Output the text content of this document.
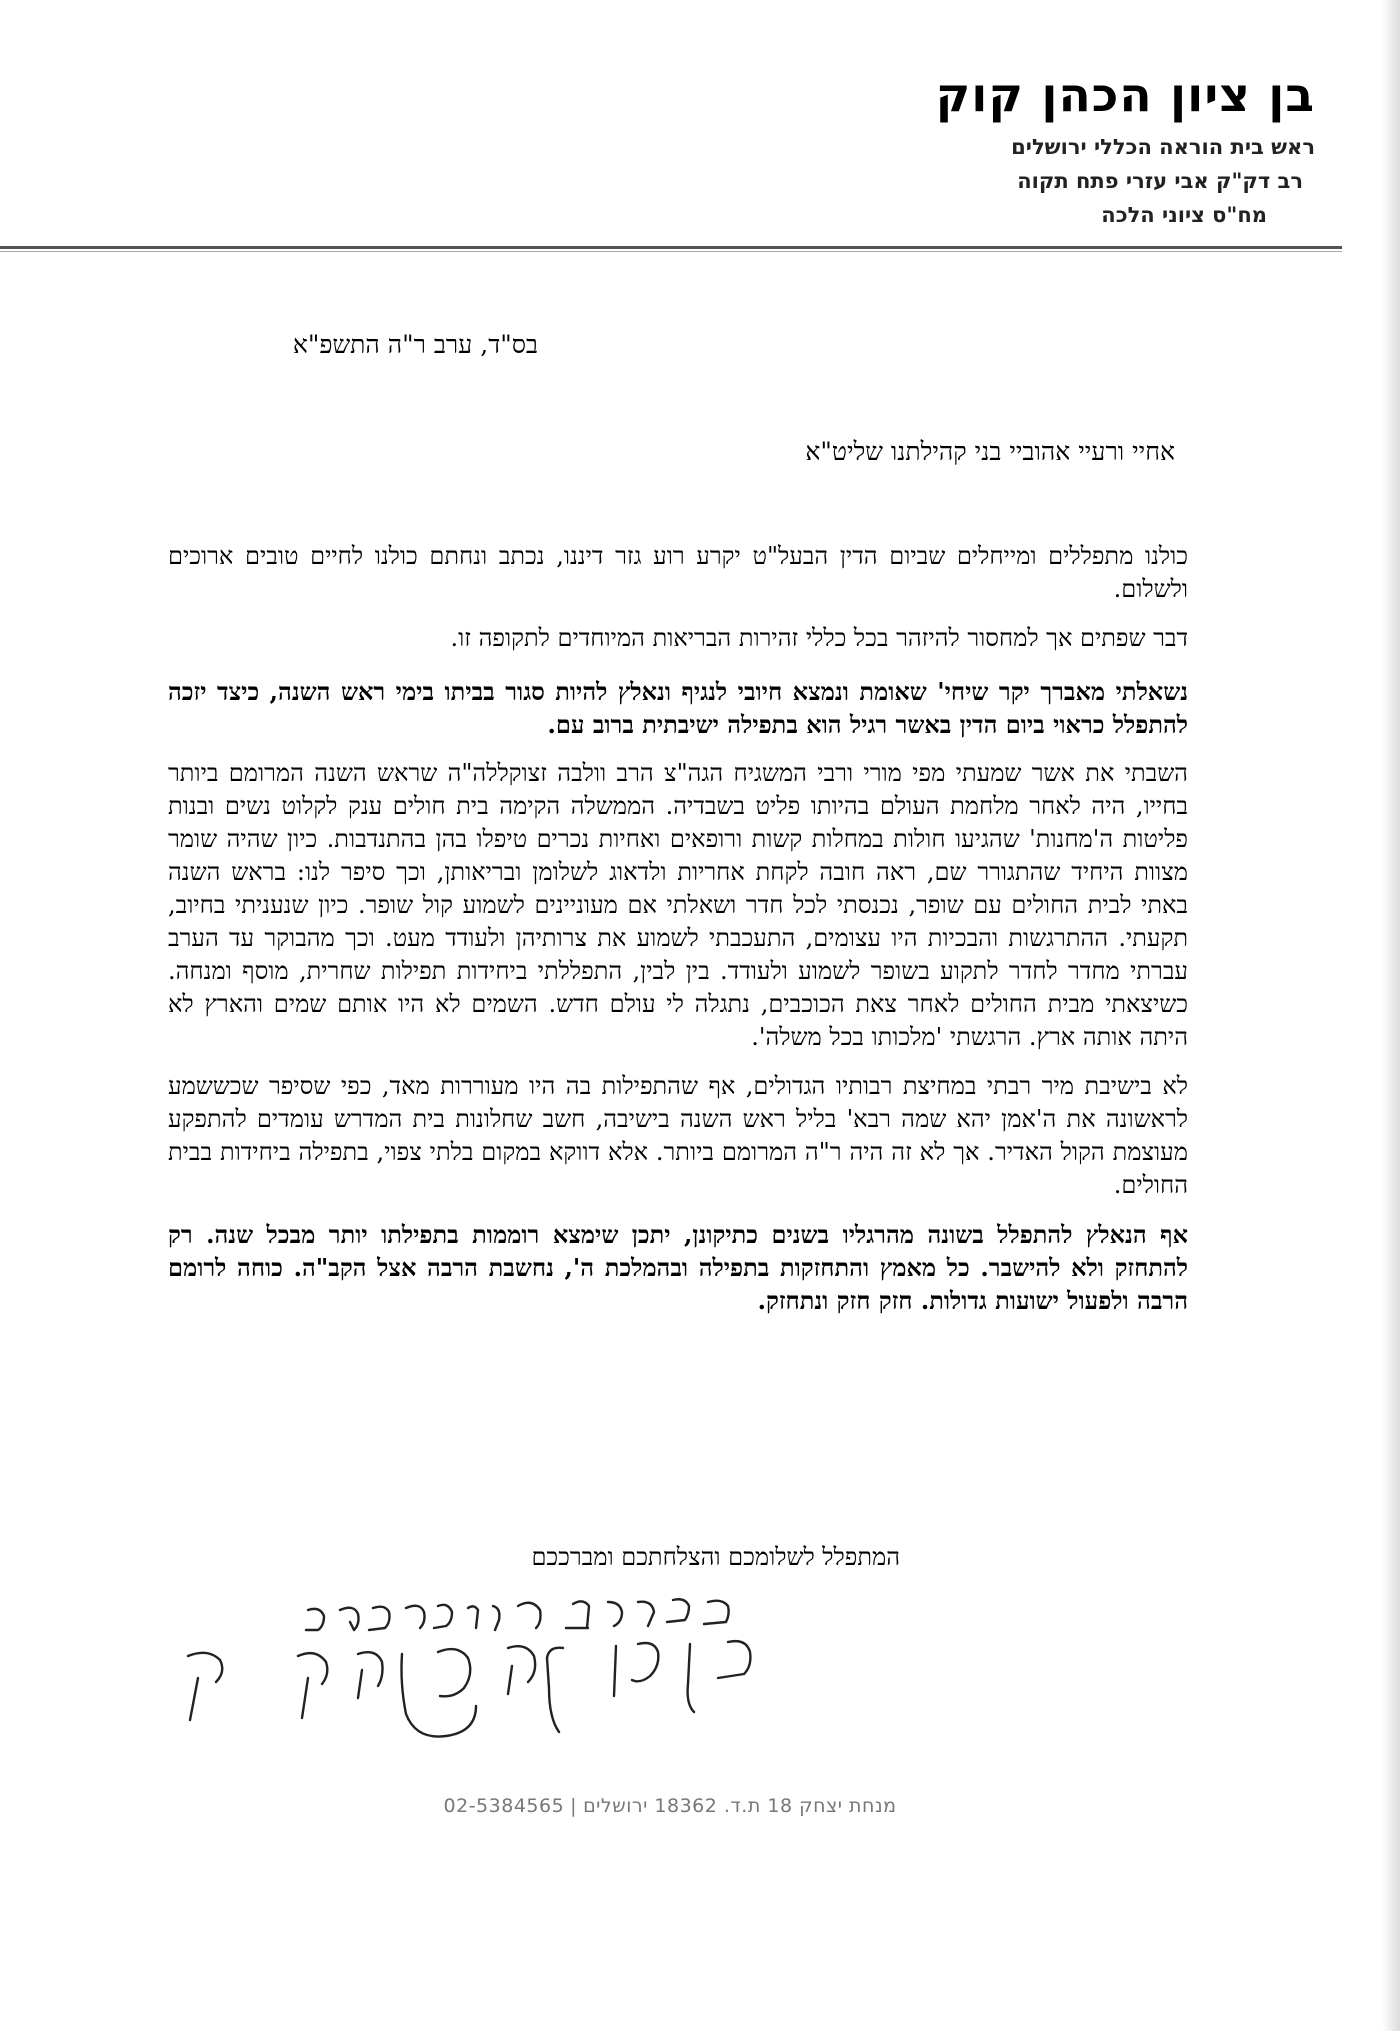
בן ציון הכהן קוק
ראש בית הוראה הכללי ירושלים
רב דק"ק אבי עזרי פתח תקוה
מח"ס ציוני הלכה
בס"ד, ערב ר"ה התשפ"א
אחיי ורעיי אהוביי בני קהילתנו שליט"א

כולנו מתפללים ומייחלים שביום הדין הבעל"ט יקרע רוע גזר דיננו, נכתב ונחתם כולנו לחיים טובים ארוכים ולשלום.

דבר שפתים אך למחסור להיזהר בכל כללי זהירות הבריאות המיוחדים לתקופה זו.

נשאלתי מאברך יקר שיחי' שאומת ונמצא חיובי לנגיף ונאלץ להיות סגור בביתו בימי ראש השנה, כיצד יזכה להתפלל כראוי ביום הדין באשר רגיל הוא בתפילה ישיבתית ברוב עם.

השבתי את אשר שמעתי מפי מורי ורבי המשגיח הגה"צ הרב וולבה זצוקללה"ה שראש השנה המרומם ביותר בחייו, היה לאחר מלחמת העולם בהיותו פליט בשבדיה. הממשלה הקימה בית חולים ענק לקלוט נשים ובנות פליטות ה'מחנות' שהגיעו חולות במחלות קשות ורופאים ואחיות נכרים טיפלו בהן בהתנדבות. כיון שהיה שומר מצוות היחיד שהתגורר שם, ראה חובה לקחת אחריות ולדאוג לשלומן ובריאותן, וכך סיפר לנו: בראש השנה באתי לבית החולים עם שופר, נכנסתי לכל חדר ושאלתי אם מעוניינים לשמוע קול שופר. כיון שנעניתי בחיוב, תקעתי. ההתרגשות והבכיות היו עצומים, התעכבתי לשמוע את צרותיהן ולעודד מעט. וכך מהבוקר עד הערב עברתי מחדר לחדר לתקוע בשופר לשמוע ולעודד. בין לבין, התפללתי ביחידות תפילות שחרית, מוסף ומנחה. כשיצאתי מבית החולים לאחר צאת הכוכבים, נתגלה לי עולם חדש. השמים לא היו אותם שמים והארץ לא היתה אותה ארץ. הרגשתי 'מלכותו בכל משלה'.

לא בישיבת מיר רבתי במחיצת רבותיו הגדולים, אף שהתפילות בה היו מעוררות מאד, כפי שסיפר שכששמע לראשונה את ה'אמן יהא שמה רבא' בליל ראש השנה בישיבה, חשב שחלונות בית המדרש עומדים להתפקע מעוצמת הקול האדיר. אך לא זה היה ר"ה המרומם ביותר. אלא דווקא במקום בלתי צפוי, בתפילה ביחידות בבית החולים.

אף הנאלץ להתפלל בשונה מהרגליו בשנים כתיקונן, יתכן שימצא רוממות בתפילתו יותר מבכל שנה. רק להתחזק ולא להישבר. כל מאמץ והתחזקות בתפילה ובהמלכת ה', נחשבת הרבה אצל הקב"ה. כוחה לרומם הרבה ולפעול ישועות גדולות. חזק חזק ונתחזק.

המתפלל לשלומכם והצלחתכם ומברככם
מנחת יצחק 18 ת.ד. 18362 ירושלים|02-5384565
